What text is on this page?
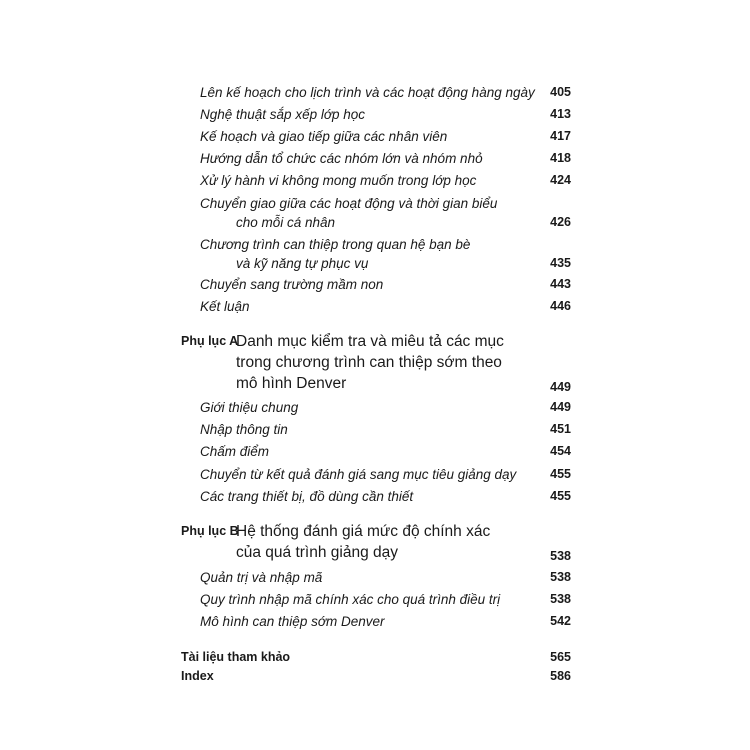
Lên kế hoạch cho lịch trình và các hoạt động hàng ngày 405
Nghệ thuật sắp xếp lớp học	413
Kế hoạch và giao tiếp giữa các nhân viên	417
Hướng dẫn tổ chức các nhóm lớn và nhóm nhỏ	418
Xử lý hành vi không mong muốn trong lớp học	424
Chuyển giao giữa các hoạt động và thời gian biểu
cho mỗi cá nhân	426
Chương trình can thiệp trong quan hệ bạn bè
và kỹ năng tự phục vụ	435
Chuyển sang trường mầm non	443
Kết luận	446
Phụ lục A
Danh mục kiểm tra và miêu tả các mục
trong chương trình can thiệp sớm theo
mô hình Denver	449
Giới thiệu chung	449
Nhập thông tin	451
Chấm điểm	454
Chuyển từ kết quả đánh giá sang mục tiêu giảng dạy	455
Các trang thiết bị, đồ dùng cần thiết	455
Phụ lục B
Hệ thống đánh giá mức độ chính xác
của quá trình giảng dạy	538
Quản trị và nhập mã	538
Quy trình nhập mã chính xác cho quá trình điều trị	538
Mô hình can thiệp sớm Denver	542
Tài liệu tham khảo	565
Index	586
